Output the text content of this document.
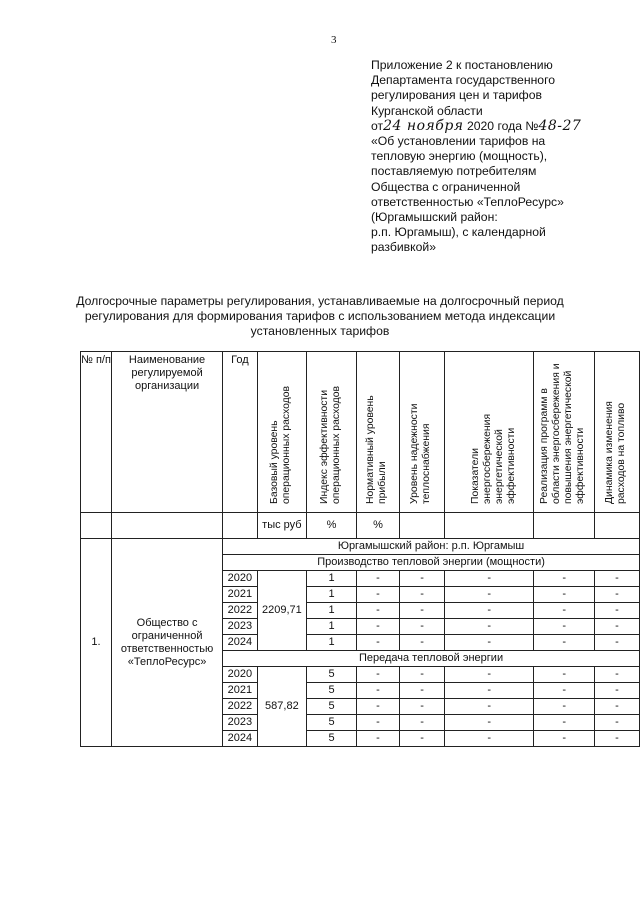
3
Приложение 2 к постановлению
Департамента государственного
регулирования цен и тарифов
Курганской области
от24 ноября 2020 года №48-27
«Об установлении тарифов на
тепловую энергию (мощность),
поставляемую потребителям
Общества с ограниченной
ответственностью «ТеплоРесурс»
(Юргамышский район:
р.п. Юргамыш), с календарной
разбивкой»
Долгосрочные параметры регулирования, устанавливаемые на долгосрочный период
регулирования для формирования тарифов с использованием метода индексации
установленных тарифов
№ п/п	Наименование регулируемой организации	Год	Базовый уровень операционных расходов	Индекс эффективности операционных расходов	Нормативный уровень прибыли	Уровень надежности теплоснабжения	Показатели энергосбережения энергетической эффективности	Реализация программ в области энергосбережения и повышения энергетической эффективности	Динамика изменения расходов на топливо
			тыс руб	%	%				
1.	Общество с ограниченной ответственностью «ТеплоРесурс»	Юргамышский район: р.п. Юргамыш							
		Производство тепловой энергии (мощности)							
		2020	2209,71	1	-	-	-	-	-
		2021		1	-	-	-	-	-
		2022		1	-	-	-	-	-
		2023		1	-	-	-	-	-
		2024		1	-	-	-	-	-
		Передача тепловой энергии							
		2020	587,82	5	-	-	-	-	-
		2021		5	-	-	-	-	-
		2022		5	-	-	-	-	-
		2023		5	-	-	-	-	-
		2024		5	-	-	-	-	-
